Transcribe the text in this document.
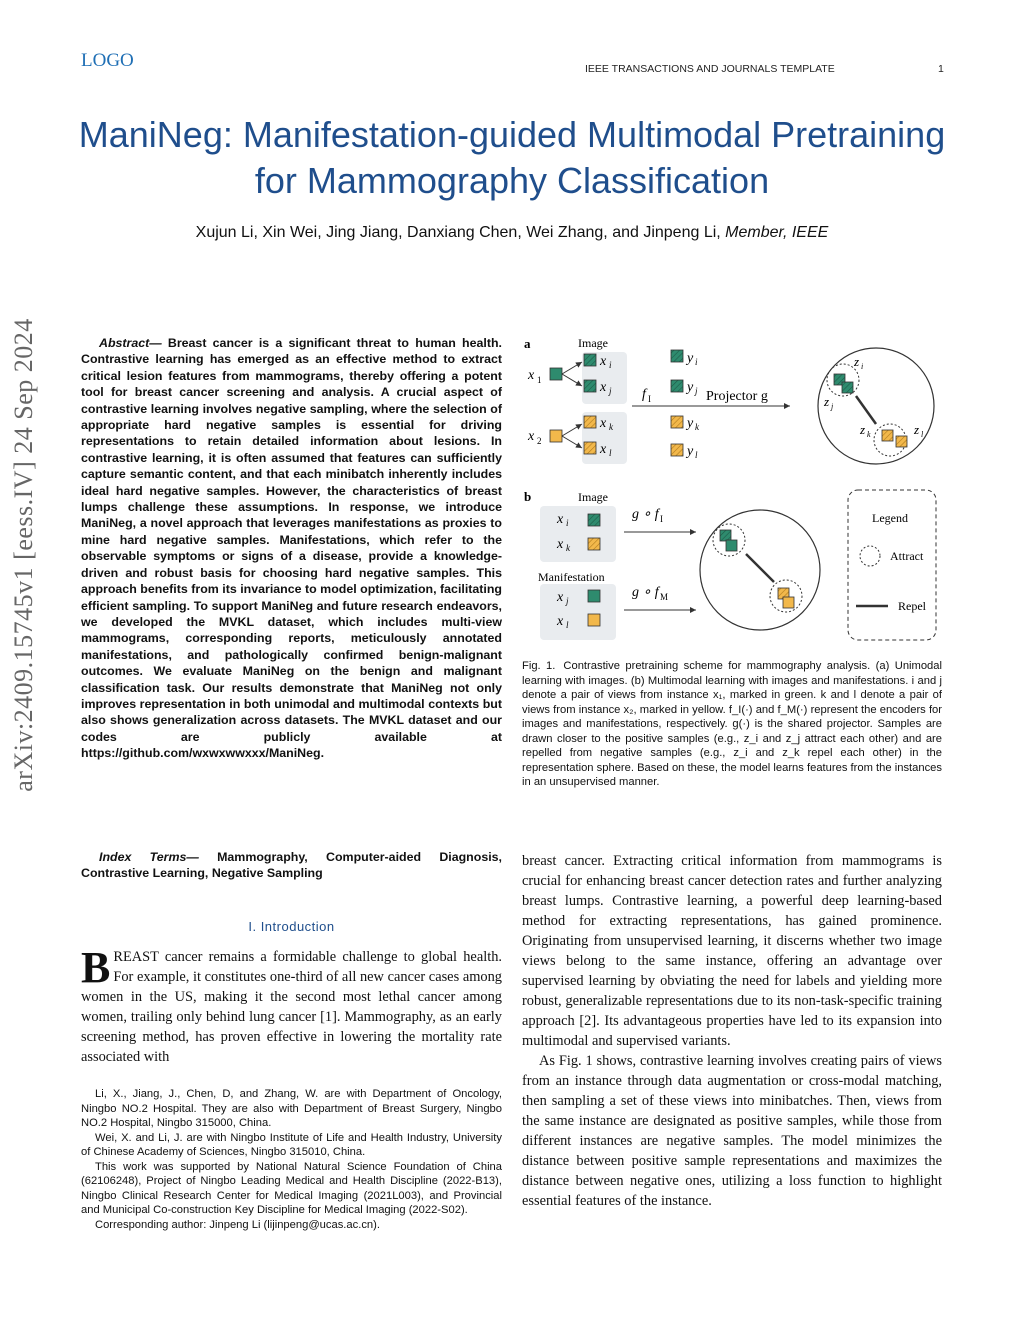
LOGO	IEEE TRANSACTIONS AND JOURNALS TEMPLATE	1
arXiv:2409.15745v1 [eess.IV] 24 Sep 2024
ManiNeg: Manifestation-guided Multimodal Pretraining for Mammography Classification
Xujun Li, Xin Wei, Jing Jiang, Danxiang Chen, Wei Zhang, and Jinpeng Li, Member, IEEE
Abstract— Breast cancer is a significant threat to human health. Contrastive learning has emerged as an effective method to extract critical lesion features from mammograms, thereby offering a potent tool for breast cancer screening and analysis. A crucial aspect of contrastive learning involves negative sampling, where the selection of appropriate hard negative samples is essential for driving representations to retain detailed information about lesions. In contrastive learning, it is often assumed that features can sufficiently capture semantic content, and that each minibatch inherently includes ideal hard negative samples. However, the characteristics of breast lumps challenge these assumptions. In response, we introduce ManiNeg, a novel approach that leverages manifestations as proxies to mine hard negative samples. Manifestations, which refer to the observable symptoms or signs of a disease, provide a knowledge-driven and robust basis for choosing hard negative samples. This approach benefits from its invariance to model optimization, facilitating efficient sampling. To support ManiNeg and future research endeavors, we developed the MVKL dataset, which includes multi-view mammograms, corresponding reports, meticulously annotated manifestations, and pathologically confirmed benign-malignant outcomes. We evaluate ManiNeg on the benign and malignant classification task. Our results demonstrate that ManiNeg not only improves representation in both unimodal and multimodal contexts but also shows generalization across datasets. The MVKL dataset and our codes are publicly available at https://github.com/wxwxwwxxx/ManiNeg.
Index Terms— Mammography, Computer-aided Diagnosis, Contrastive Learning, Negative Sampling
I. Introduction
BREAST cancer remains a formidable challenge to global health. For example, it constitutes one-third of all new cancer cases among women in the US, making it the second most lethal cancer among women, trailing only behind lung cancer [1]. Mammography, as an early screening method, has proven effective in lowering the mortality rate associated with

Li, X., Jiang, J., Chen, D, and Zhang, W. are with Department of Oncology, Ningbo NO.2 Hospital. They are also with Department of Breast Surgery, Ningbo NO.2 Hospital, Ningbo 315000, China.

Wei, X. and Li, J. are with Ningbo Institute of Life and Health Industry, University of Chinese Academy of Sciences, Ningbo 315010, China.

This work was supported by National Natural Science Foundation of China (62106248), Project of Ningbo Leading Medical and Health Discipline (2022-B13), Ningbo Clinical Research Center for Medical Imaging (2021L003), and Provincial and Municipal Co-construction Key Discipline for Medical Imaging (2022-S02).

Corresponding author: Jinpeng Li (lijinpeng@ucas.ac.cn).

a	Image
x 1
x i
x j
x 2
x k
x l
f I
y i
y j
y k
y l
Projector g
z i
z j
z k	z l
b	Image
x i
x k
Manifestation
x j
x l
g ∘ f I
g ∘ f M
Legend
Attract
Repel
Fig. 1. Contrastive pretraining scheme for mammography analysis. (a) Unimodal learning with images. (b) Multimodal learning with images and manifestations. i and j denote a pair of views from instance x₁, marked in green. k and l denote a pair of views from instance x₂, marked in yellow. f_I(·) and f_M(·) represent the encoders for images and manifestations, respectively. g(·) is the shared projector. Samples are drawn closer to the positive samples (e.g., z_i and z_j attract each other) and are repelled from negative samples (e.g., z_i and z_k repel each other) in the representation sphere. Based on these, the model learns features from the instances in an unsupervised manner.

breast cancer. Extracting critical information from mammograms is crucial for enhancing breast cancer detection rates and further analyzing breast lumps. Contrastive learning, a powerful deep learning-based method for extracting representations, has gained prominence. Originating from unsupervised learning, it discerns whether two image views belong to the same instance, offering an advantage over supervised learning by obviating the need for labels and yielding more robust, generalizable representations due to its non-task-specific training approach [2]. Its advantageous properties have led to its expansion into multimodal and supervised variants.

As Fig. 1 shows, contrastive learning involves creating pairs of views from an instance through data augmentation or cross-modal matching, then sampling a set of these views into minibatches. Then, views from the same instance are designated as positive samples, while those from different instances are negative samples. The model minimizes the distance between positive sample representations and maximizes the distance between negative ones, utilizing a loss function to highlight essential features of the instance.
